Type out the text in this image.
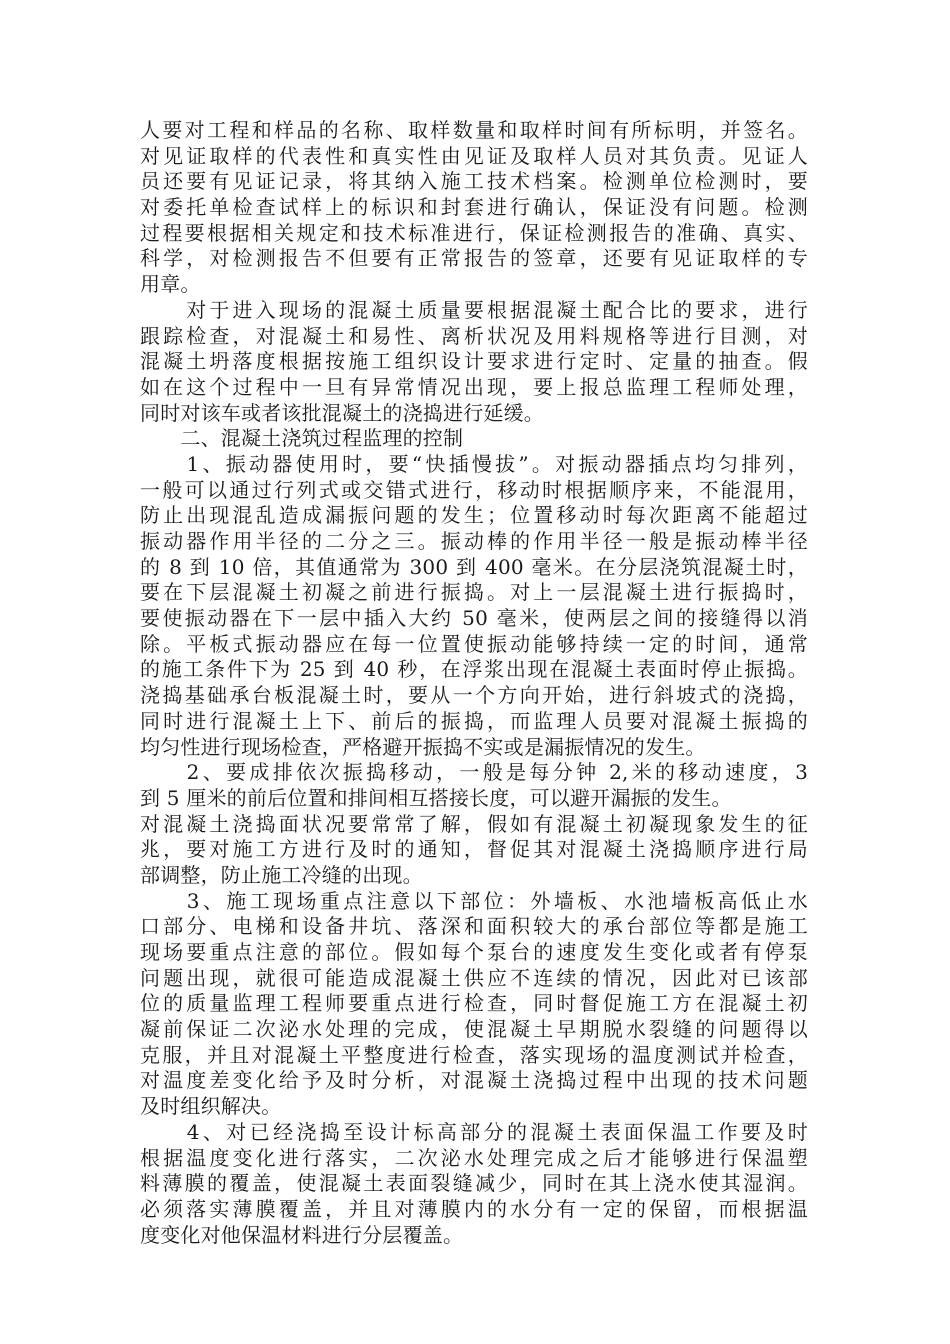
人要对工程和样品的名称、取样数量和取样时间有所标明，并签名。
对见证取样的代表性和真实性由见证及取样人员对其负责。见证人
员还要有见证记录，将其纳入施工技术档案。检测单位检测时，要
对委托单检查试样上的标识和封套进行确认，保证没有问题。检测
过程要根据相关规定和技术标准进行，保证检测报告的准确、真实、
科学，对检测报告不但要有正常报告的签章，还要有见证取样的专
用章。
　　对于进入现场的混凝土质量要根据混凝土配合比的要求，进行
跟踪检查，对混凝土和易性、离析状况及用料规格等进行目测，对
混凝土坍落度根据按施工组织设计要求进行定时、定量的抽查。假
如在这个过程中一旦有异常情况出现，要上报总监理工程师处理，
同时对该车或者该批混凝土的浇捣进行延缓。
　　二、混凝土浇筑过程监理的控制
　　1、振动器使用时，要“快插慢拔”。对振动器插点均匀排列，
一般可以通过行列式或交错式进行，移动时根据顺序来，不能混用，
防止出现混乱造成漏振问题的发生；位置移动时每次距离不能超过
振动器作用半径的二分之三。振动棒的作用半径一般是振动棒半径
的 8 到 10 倍，其值通常为 300 到 400 毫米。在分层浇筑混凝土时，
要在下层混凝土初凝之前进行振捣。对上一层混凝土进行振捣时，
要使振动器在下一层中插入大约 50 毫米，使两层之间的接缝得以消
除。平板式振动器应在每一位置使振动能够持续一定的时间，通常
的施工条件下为 25 到 40 秒，在浮浆出现在混凝土表面时停止振捣。
浇捣基础承台板混凝土时，要从一个方向开始，进行斜坡式的浇捣，
同时进行混凝土上下、前后的振捣，而监理人员要对混凝土振捣的
均匀性进行现场检查，严格避开振捣不实或是漏振情况的发生。
　　2、要成排依次振捣移动，一般是每分钟 2,米的移动速度，3
到 5 厘米的前后位置和排间相互搭接长度，可以避开漏振的发生。
对混凝土浇捣面状况要常常了解，假如有混凝土初凝现象发生的征
兆，要对施工方进行及时的通知，督促其对混凝土浇捣顺序进行局
部调整，防止施工冷缝的出现。
　　3、施工现场重点注意以下部位：外墙板、水池墙板高低止水
口部分、电梯和设备井坑、落深和面积较大的承台部位等都是施工
现场要重点注意的部位。假如每个泵台的速度发生变化或者有停泵
问题出现，就很可能造成混凝土供应不连续的情况，因此对已该部
位的质量监理工程师要重点进行检查，同时督促施工方在混凝土初
凝前保证二次泌水处理的完成，使混凝土早期脱水裂缝的问题得以
克服，并且对混凝土平整度进行检查，落实现场的温度测试并检查，
对温度差变化给予及时分析，对混凝土浇捣过程中出现的技术问题
及时组织解决。
　　4、对已经浇捣至设计标高部分的混凝土表面保温工作要及时
根据温度变化进行落实，二次泌水处理完成之后才能够进行保温塑
料薄膜的覆盖，使混凝土表面裂缝减少，同时在其上浇水使其湿润。
必须落实薄膜覆盖，并且对薄膜内的水分有一定的保留，而根据温
度变化对他保温材料进行分层覆盖。
